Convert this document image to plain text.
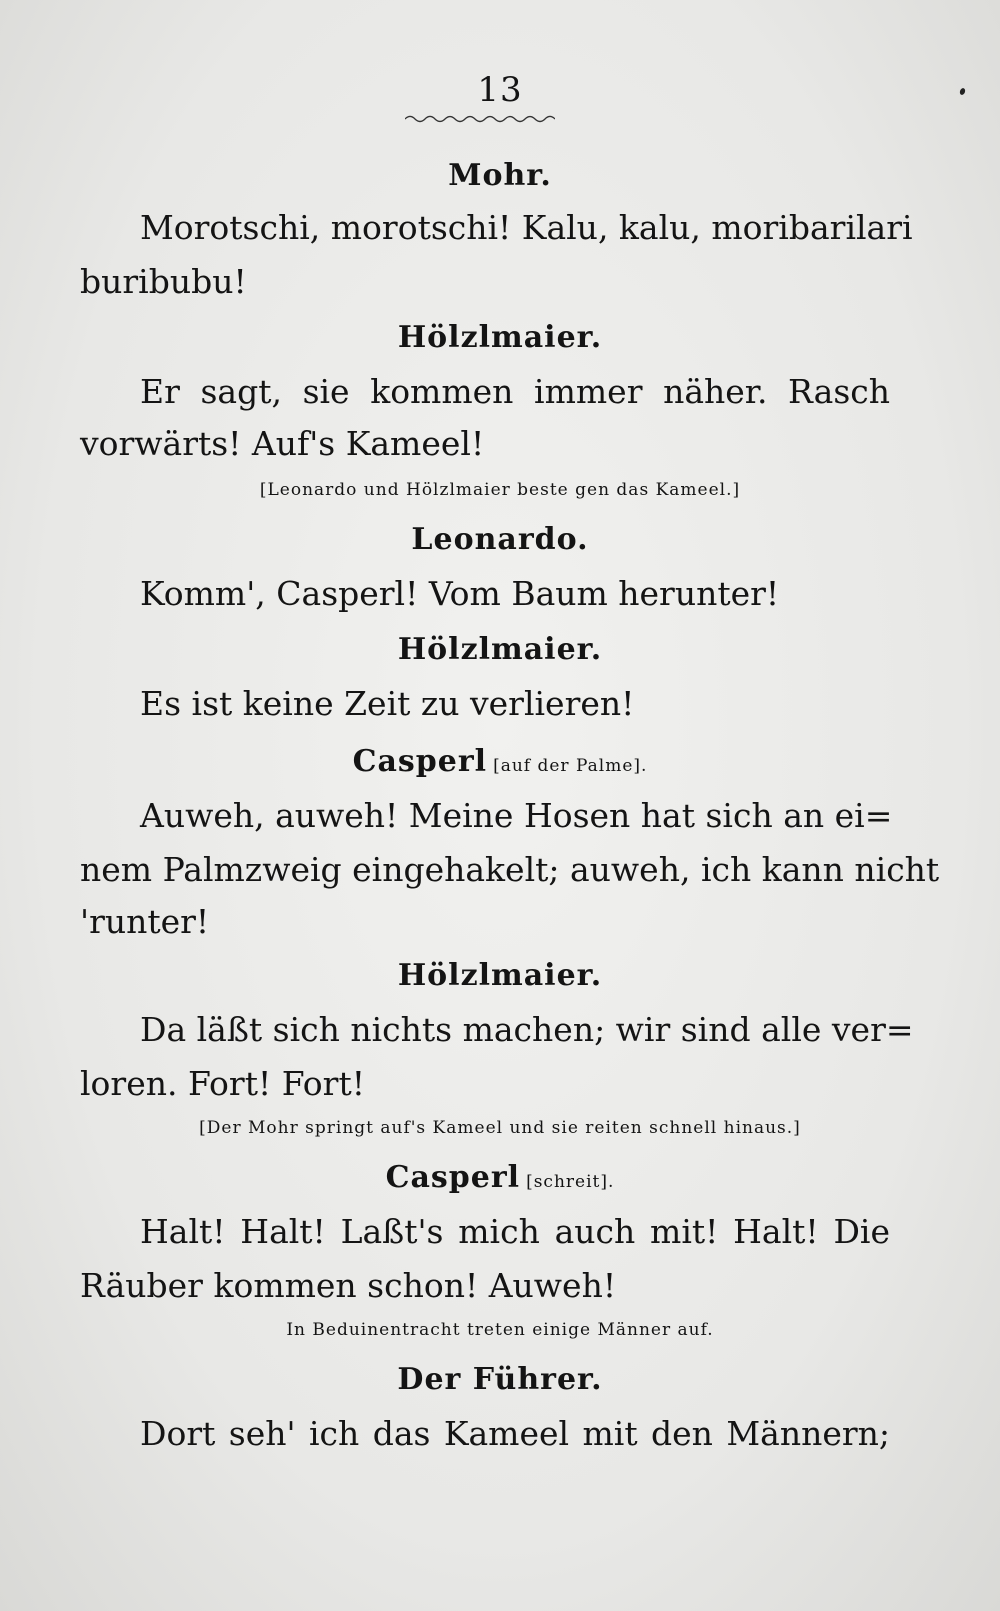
13
Mohr.
Morotschi, morotschi! Kalu, kalu, moribarilari
buribubu!
Hölzlmaier.
Er sagt, sie kommen immer näher. Rasch
vorwärts! Auf's Kameel!
[Leonardo und Hölzlmaier beste gen das Kameel.]
Leonardo.
Komm', Casperl! Vom Baum herunter!
Hölzlmaier.
Es ist keine Zeit zu verlieren!
Casperl [auf der Palme].
Auweh, auweh! Meine Hosen hat sich an ei=
nem Palmzweig eingehakelt; auweh, ich kann nicht
'runter!
Hölzlmaier.
Da läßt sich nichts machen; wir sind alle ver=
loren. Fort! Fort!
[Der Mohr springt auf's Kameel und sie reiten schnell hinaus.]
Casperl [schreit].
Halt! Halt! Laßt's mich auch mit! Halt! Die
Räuber kommen schon! Auweh!
In Beduinentracht treten einige Männer auf.
Der Führer.
Dort seh' ich das Kameel mit den Männern;
